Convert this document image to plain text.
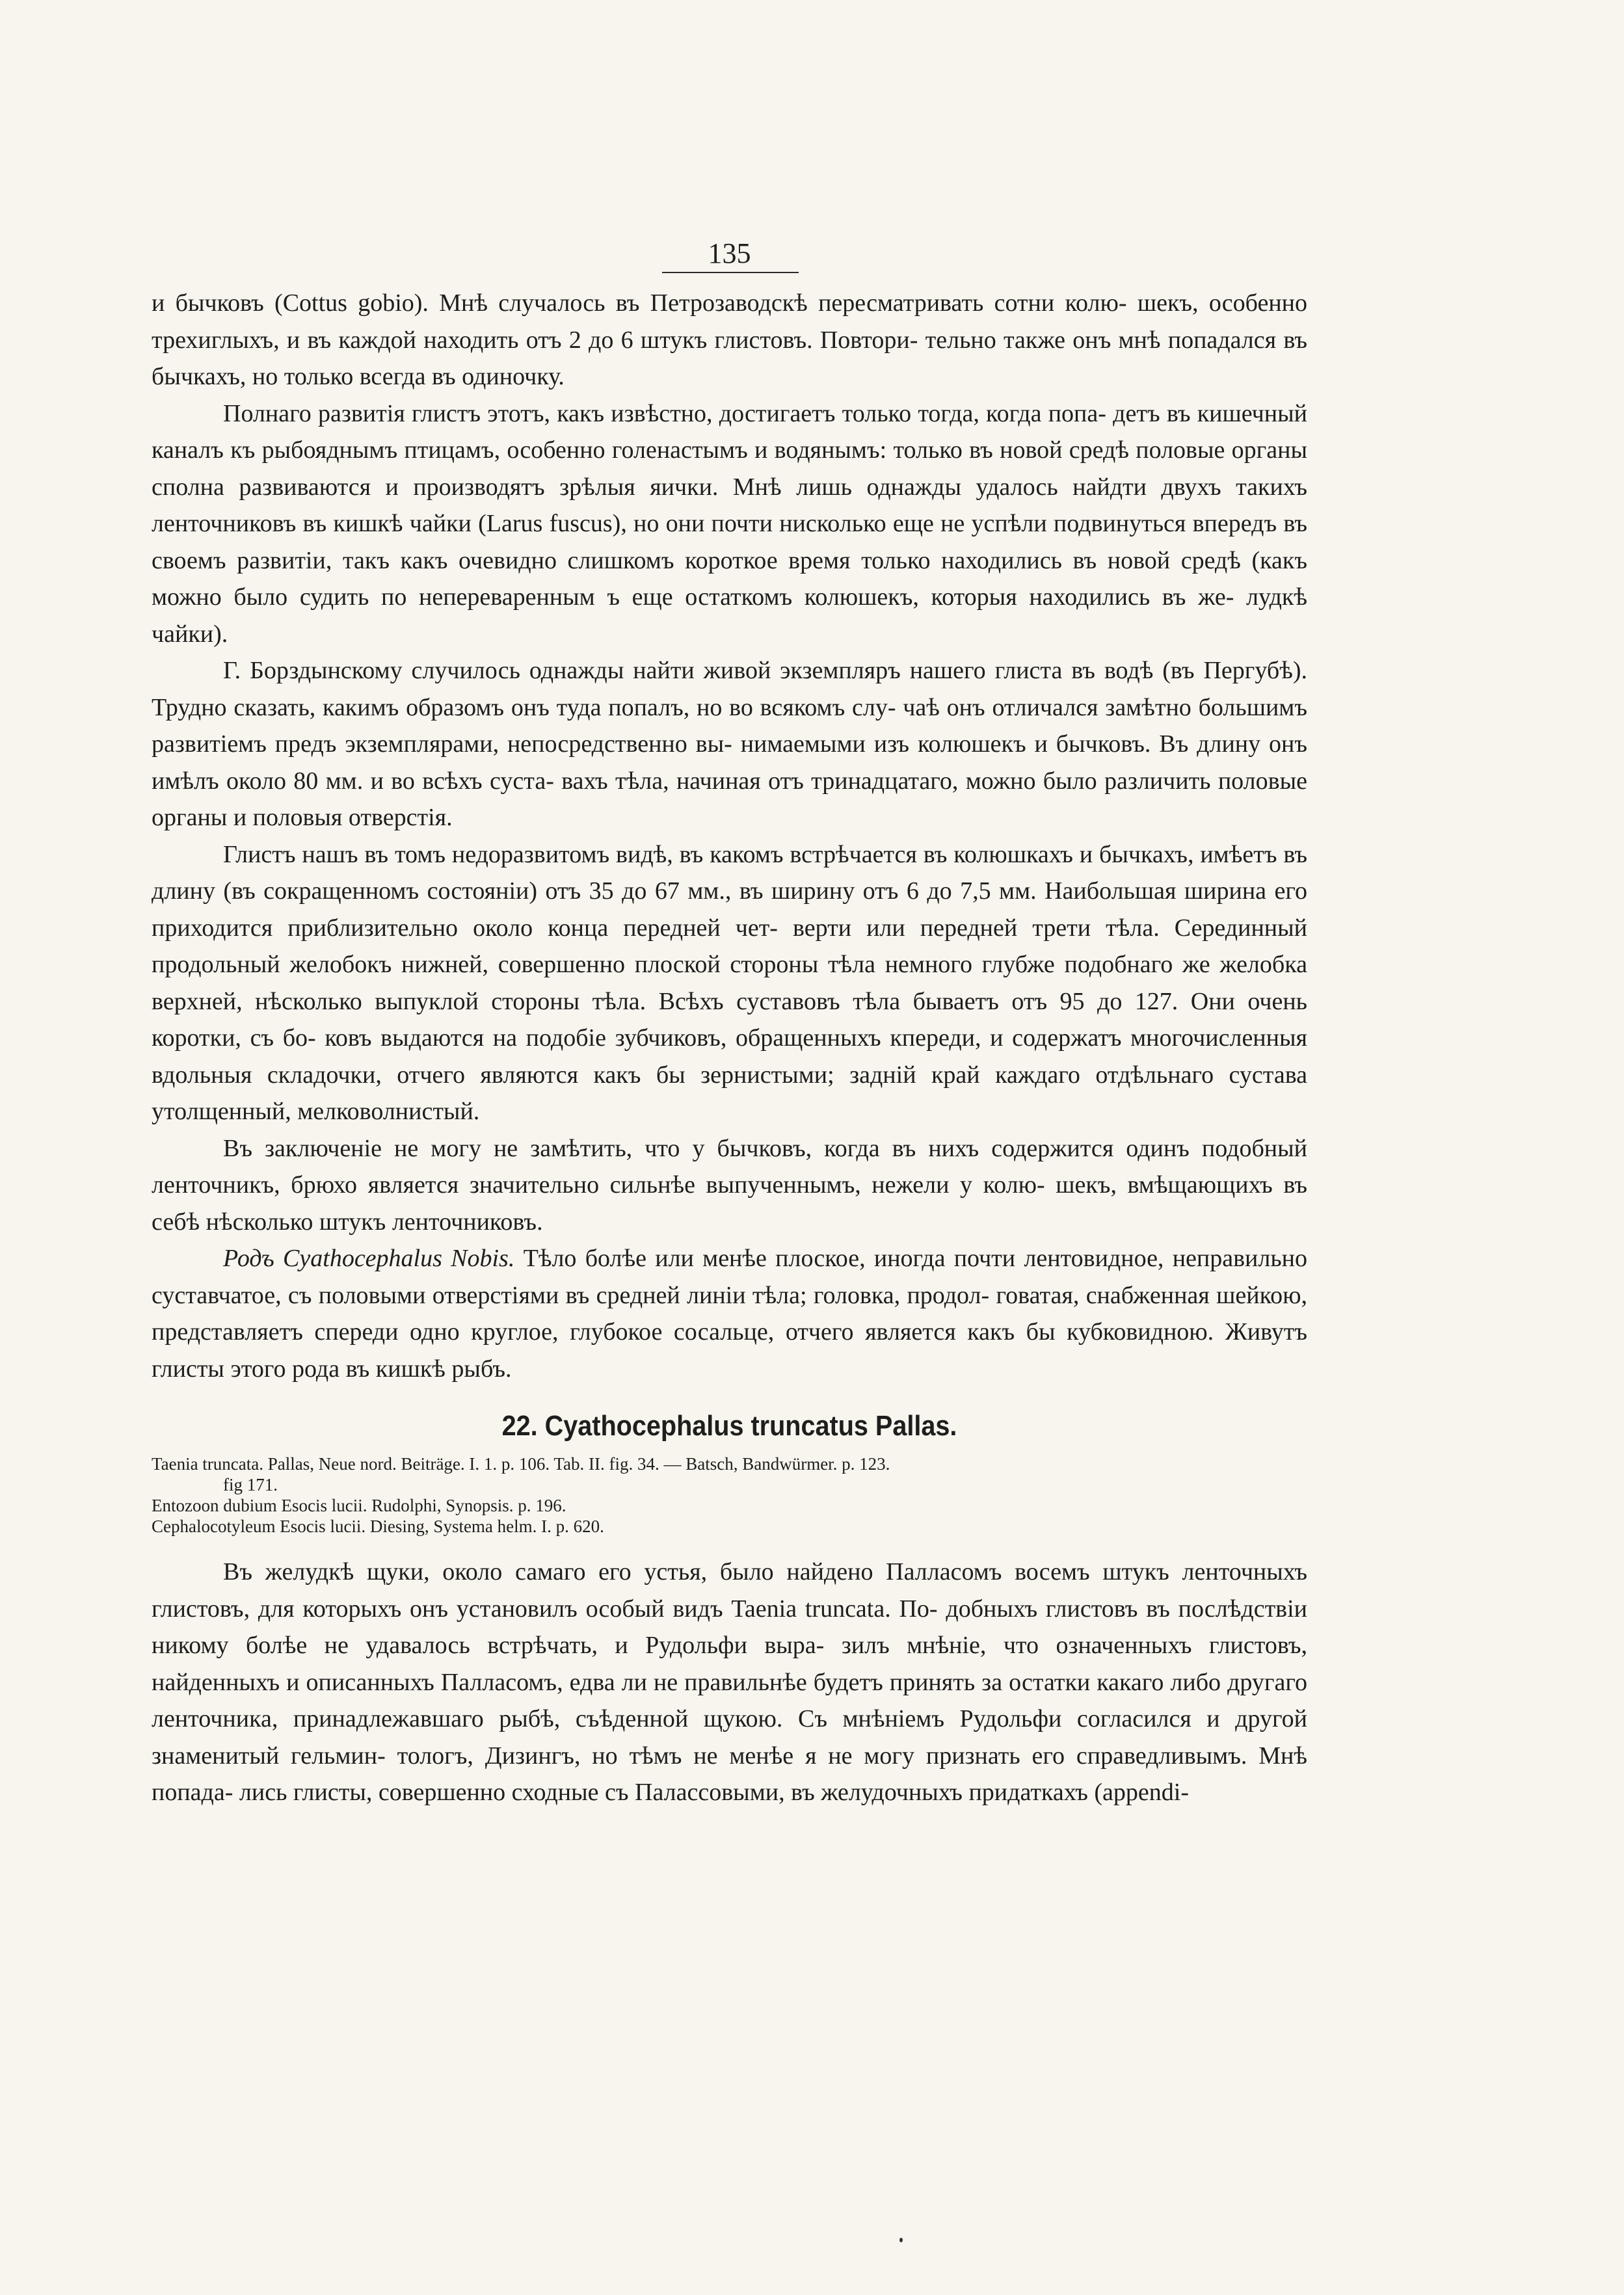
135

и бычковъ (Cottus gobio). Мнѣ случалось въ Петрозаводскѣ пересматривать сотни колю- шекъ, особенно трехиглыхъ, и въ каждой находить отъ 2 до 6 штукъ глистовъ. Повтори- тельно также онъ мнѣ попадался въ бычкахъ, но только всегда въ одиночку.

Полнаго развитія глистъ этотъ, какъ извѣстно, достигаетъ только тогда, когда попа- детъ въ кишечный каналъ къ рыбояднымъ птицамъ, особенно голенастымъ и водянымъ: только въ новой средѣ половые органы сполна развиваются и производятъ зрѣлыя яички. Мнѣ лишь однажды удалось найдти двухъ такихъ ленточниковъ въ кишкѣ чайки (Larus fuscus), но они почти нисколько еще не успѣли подвинуться впередъ въ своемъ развитіи, такъ какъ очевидно слишкомъ короткое время только находились въ новой средѣ (какъ можно было судить по непереваренным ъ еще остаткомъ колюшекъ, которыя находились въ же- лудкѣ чайки).

Г. Борздынскому случилось однажды найти живой экземпляръ нашего глиста въ водѣ (въ Пергубѣ). Трудно сказать, какимъ образомъ онъ туда попалъ, но во всякомъ слу- чаѣ онъ отличался замѣтно большимъ развитіемъ предъ экземплярами, непосредственно вы- нимаемыми изъ колюшекъ и бычковъ. Въ длину онъ имѣлъ около 80 мм. и во всѣхъ суста- вахъ тѣла, начиная отъ тринадцатаго, можно было различить половые органы и половыя отверстія.

Глистъ нашъ въ томъ недоразвитомъ видѣ, въ какомъ встрѣчается въ колюшкахъ и бычкахъ, имѣетъ въ длину (въ сокращенномъ состояніи) отъ 35 до 67 мм., въ ширину отъ 6 до 7,5 мм. Наибольшая ширина его приходится приблизительно около конца передней чет- верти или передней трети тѣла. Серединный продольный желобокъ нижней, совершенно плоской стороны тѣла немного глубже подобнаго же желобка верхней, нѣсколько выпуклой стороны тѣла. Всѣхъ суставовъ тѣла бываетъ отъ 95 до 127. Они очень коротки, съ бо- ковъ выдаются на подобіе зубчиковъ, обращенныхъ кпереди, и содержатъ многочисленныя вдольныя складочки, отчего являются какъ бы зернистыми; задній край каждаго отдѣльнаго сустава утолщенный, мелковолнистый.

Въ заключеніе не могу не замѣтить, что у бычковъ, когда въ нихъ содержится одинъ подобный ленточникъ, брюхо является значительно сильнѣе выпученнымъ, нежели у колю- шекъ, вмѣщающихъ въ себѣ нѣсколько штукъ ленточниковъ.

Родъ Cyathocephalus Nobis. Тѣло болѣе или менѣе плоское, иногда почти лентовидное, неправильно суставчатое, съ половыми отверстіями въ средней линіи тѣла; головка, продол- говатая, снабженная шейкою, представляетъ спереди одно круглое, глубокое сосальце, отчего является какъ бы кубковидною. Живутъ глисты этого рода въ кишкѣ рыбъ.

22. Cyathocephalus truncatus Pallas.
Taenia truncata. Pallas, Neue nord. Beiträge. I. 1. p. 106. Tab. II. fig. 34. — Batsch, Bandwürmer. p. 123.
fig 171.
Entozoon dubium Esocis lucii. Rudolphi, Synopsis. p. 196.
Cephalocotyleum Esocis lucii. Diesing, Systema helm. I. p. 620.

Въ желудкѣ щуки, около самаго его устья, было найдено Палласомъ восемъ штукъ ленточныхъ глистовъ, для которыхъ онъ установилъ особый видъ Taenia truncata. По- добныхъ глистовъ въ послѣдствіи никому болѣе не удавалось встрѣчать, и Рудольфи выра- зилъ мнѣніе, что означенныхъ глистовъ, найденныхъ и описанныхъ Палласомъ, едва ли не правильнѣе будетъ принять за остатки какаго либо другаго ленточника, принадлежавшаго рыбѣ, съѣденной щукою. Съ мнѣніемъ Рудольфи согласился и другой знаменитый гельмин- тологъ, Дизингъ, но тѣмъ не менѣе я не могу признать его справедливымъ. Мнѣ попада- лись глисты, совершенно сходные съ Палассовыми, въ желудочныхъ придаткахъ (appendi-
